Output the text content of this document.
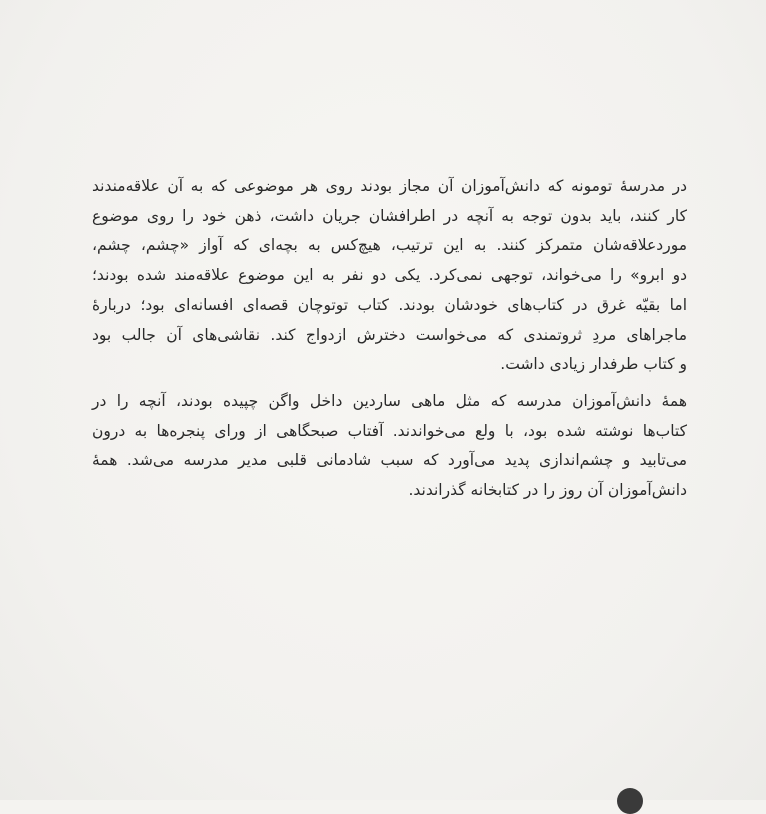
در مدرسهٔ تومونه که دانش‌آموزان آن مجاز بودند روی هر موضوعی که به آن علاقه‌مندند
کار کنند، باید بدون توجه به آنچه در اطرافشان جریان داشت، ذهن خود را روی موضوع
موردعلاقه‌شان متمرکز کنند. به این ترتیب، هیچ‌کس به بچه‌ای که آواز «چشم، چشم،
دو ابرو» را می‌خواند، توجهی نمی‌کرد. یکی دو نفر به این موضوع علاقه‌مند شده بودند؛
اما بقیّه غرق در کتاب‌های خودشان بودند. کتاب توتوچان قصه‌ای افسانه‌ای بود؛ دربارهٔ
ماجراهای مردِ ثروتمندی که می‌خواست دخترش ازدواج کند. نقاشی‌های آن جالب بود
و کتاب طرفدار زیادی داشت.
همهٔ دانش‌آموزان مدرسه که مثل ماهی ساردین داخل واگن چپیده بودند، آنچه را در
کتاب‌ها نوشته شده بود، با ولع می‌خواندند. آفتاب صبحگاهی از ورای پنجره‌ها به درون
می‌تابید و چشم‌اندازی پدید می‌آورد که سبب شادمانی قلبی مدیر مدرسه می‌شد. همهٔ
دانش‌آموزان آن روز را در کتابخانه گذراندند.
